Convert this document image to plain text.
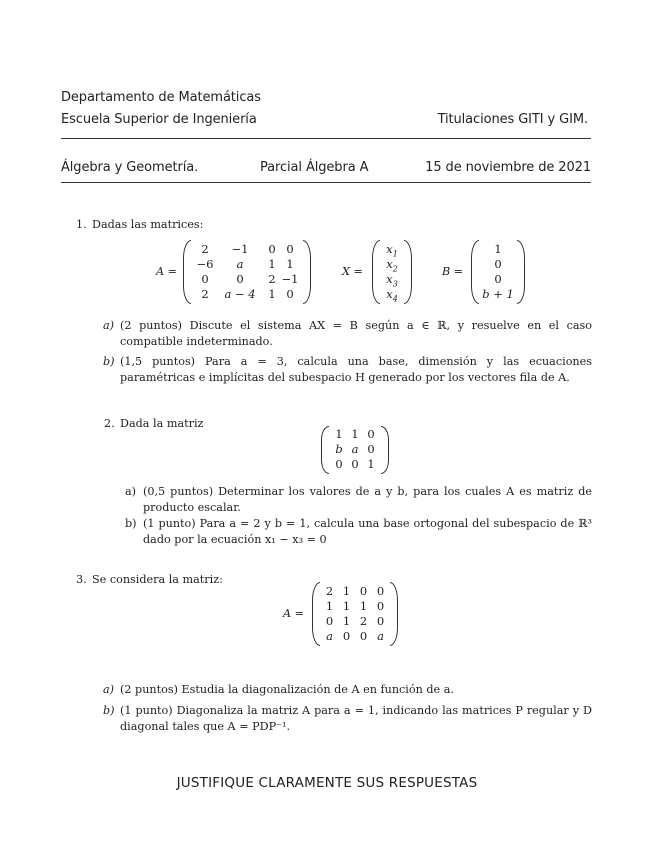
Departamento de Matemáticas
Escuela Superior de Ingeniería	Titulaciones GITI y GIM.
Álgebra y Geometría.	Parcial Álgebra A	15 de noviembre de 2021
1. Dadas las matrices:
A =
2	−1	0 0
−6	a	1 1
0	0	2 −1
2	a − 4	1 0
X =
$x_1$
$x_2$
$x_3$
$x_4$
B =
1
0
0
b + 1
a) (2 puntos) Discute el sistema AX = B según a ∈ ℝ, y resuelve en el caso compatible indeterminado.
b) (1,5 puntos) Para a = 3, calcula una base, dimensión y las ecuaciones paramétricas e implícitas del subespacio H generado por los vectores fila de A.
2. Dada la matriz
1 1 0
b a 0
0 0 1
a) (0,5 puntos) Determinar los valores de a y b, para los cuales A es matriz de producto escalar.
b) (1 punto) Para a = 2 y b = 1, calcula una base ortogonal del subespacio de ℝ³ dado por la ecuación x₁ − x₃ = 0
3. Se considera la matriz:
A =
2 1 0 0
1 1 1 0
0 1 2 0
a 0 0 a
a) (2 puntos) Estudia la diagonalización de A en función de a.
b) (1 punto) Diagonaliza la matriz A para a = 1, indicando las matrices P regular y D diagonal tales que A = PDP⁻¹.
JUSTIFIQUE CLARAMENTE SUS RESPUESTAS
